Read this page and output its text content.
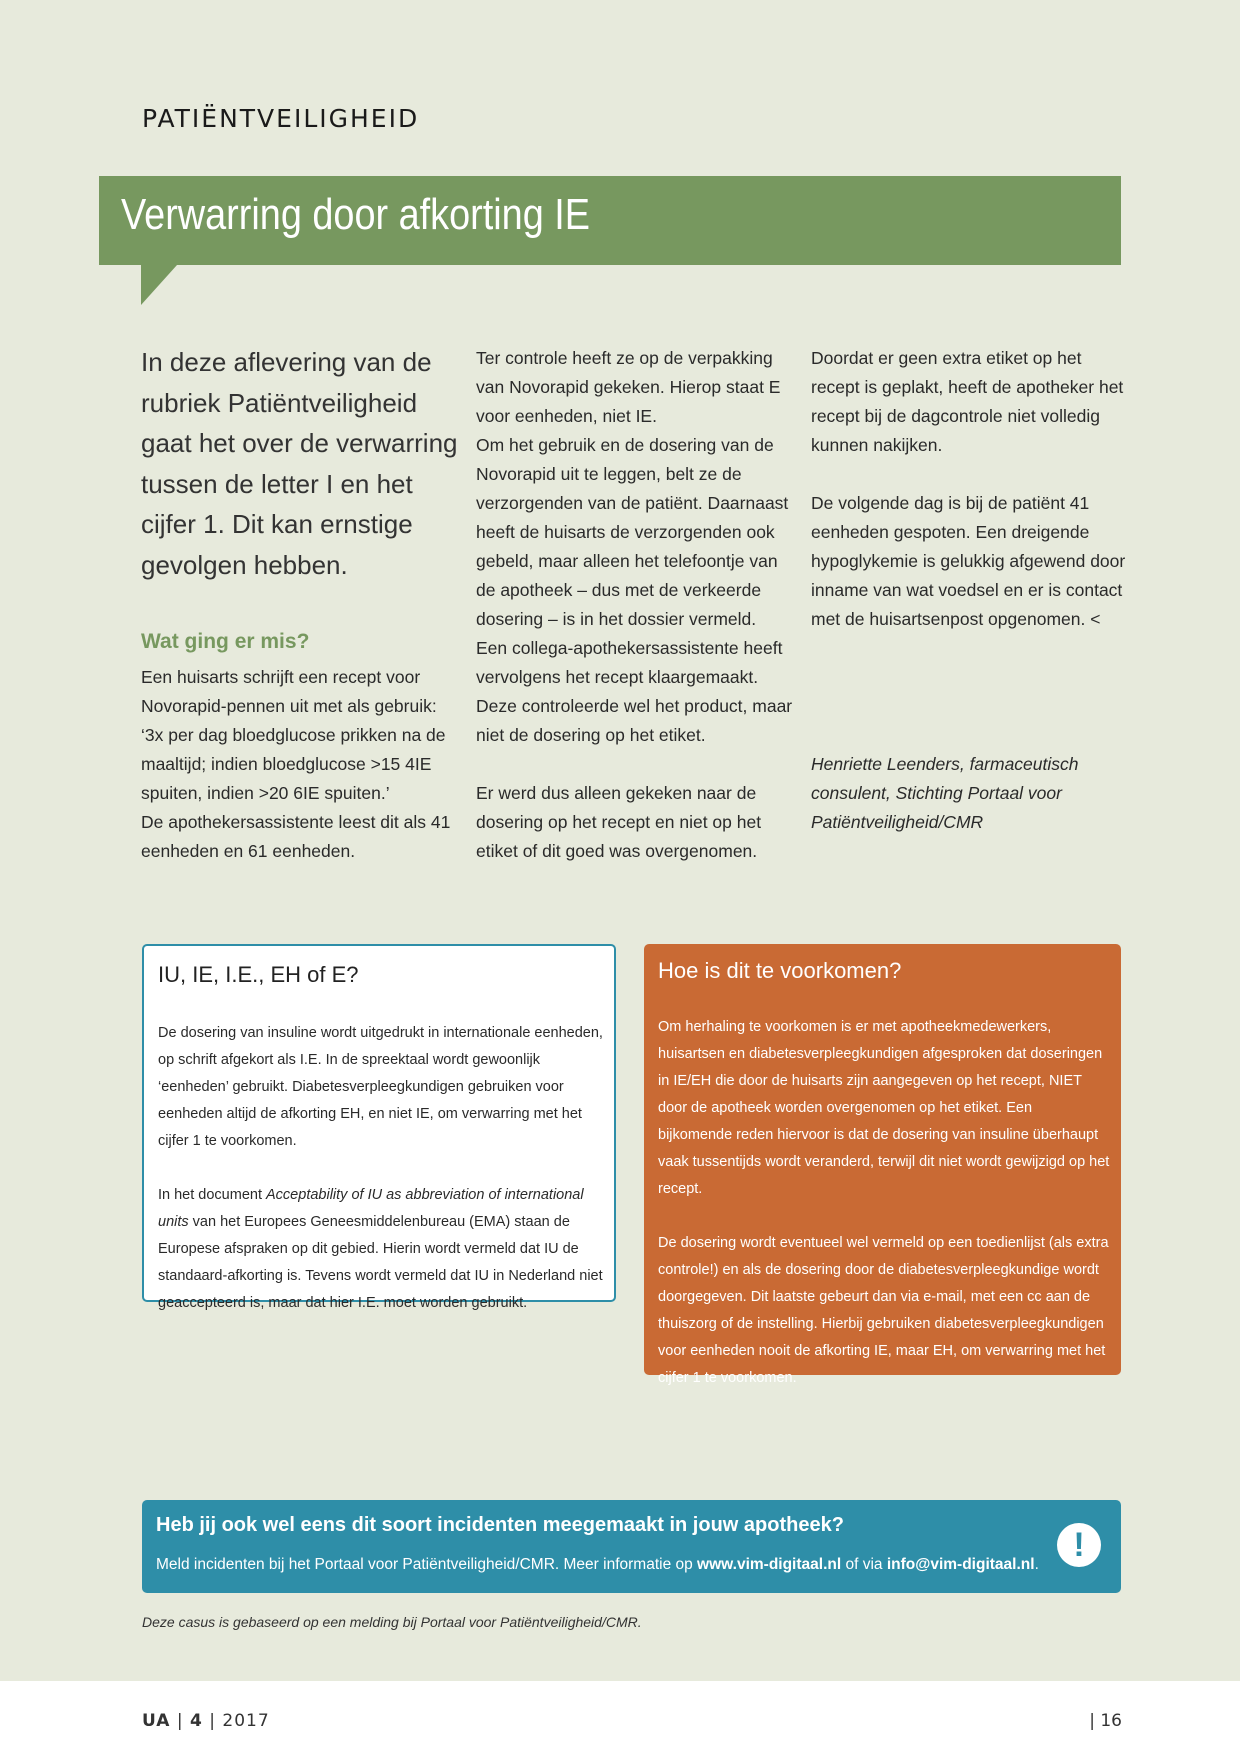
PATIËNTVEILIGHEID
Verwarring door afkorting IE
In deze aflevering van de rubriek Patiëntveiligheid gaat het over de verwarring tussen de letter I en het cijfer 1. Dit kan ernstige gevolgen hebben.
Wat ging er mis?

Een huisarts schrijft een recept voor Novorapid-pennen uit met als gebruik: ‘3x per dag bloedglucose prikken na de maaltijd; indien bloedglucose >15 4IE spuiten, indien >20 6IE spuiten.’

De apothekersassistente leest dit als 41 eenheden en 61 eenheden.

Ter controle heeft ze op de verpakking van Novorapid gekeken. Hierop staat E voor eenheden, niet IE.

Om het gebruik en de dosering van de Novorapid uit te leggen, belt ze de verzorgenden van de patiënt. Daarnaast heeft de huisarts de verzorgenden ook gebeld, maar alleen het telefoontje van de apotheek – dus met de verkeerde dosering – is in het dossier vermeld.

Een collega-apothekersassistente heeft vervolgens het recept klaargemaakt. Deze controleerde wel het product, maar niet de dosering op het etiket.

Er werd dus alleen gekeken naar de dosering op het recept en niet op het etiket of dit goed was overgenomen.

Doordat er geen extra etiket op het recept is geplakt, heeft de apotheker het recept bij de dagcontrole niet volledig kunnen nakijken.

De volgende dag is bij de patiënt 41 eenheden gespoten. Een dreigende hypoglykemie is gelukkig afgewend door inname van wat voedsel en er is contact met de huisartsenpost opgenomen. <

Henriette Leenders, farmaceutisch consulent, Stichting Portaal voor Patiëntveiligheid/CMR

IU, IE, I.E., EH of E?

De dosering van insuline wordt uitgedrukt in internationale eenheden, op schrift afgekort als I.E. In de spreektaal wordt gewoonlijk ‘eenheden’ gebruikt. Diabetesverpleegkundigen gebruiken voor eenheden altijd de afkorting EH, en niet IE, om verwarring met het cijfer 1 te voorkomen.

In het document Acceptability of IU as abbreviation of international units van het Europees Geneesmiddelenbureau (EMA) staan de Europese afspraken op dit gebied. Hierin wordt vermeld dat IU de standaard-afkorting is. Tevens wordt vermeld dat IU in Nederland niet geaccepteerd is, maar dat hier I.E. moet worden gebruikt.

Hoe is dit te voorkomen?

Om herhaling te voorkomen is er met apotheekmedewerkers, huisartsen en diabetesverpleegkundigen afgesproken dat doseringen in IE/EH die door de huisarts zijn aangegeven op het recept, NIET door de apotheek worden overgenomen op het etiket. Een bijkomende reden hiervoor is dat de dosering van insuline überhaupt vaak tussentijds wordt veranderd, terwijl dit niet wordt gewijzigd op het recept.

De dosering wordt eventueel wel vermeld op een toedienlijst (als extra controle!) en als de dosering door de diabetesverpleegkundige wordt doorgegeven. Dit laatste gebeurt dan via e-mail, met een cc aan de thuiszorg of de instelling. Hierbij gebruiken diabetesverpleegkundigen voor eenheden nooit de afkorting IE, maar EH, om verwarring met het cijfer 1 te voorkomen.

Heb jij ook wel eens dit soort incidenten meegemaakt in jouw apotheek?
Meld incidenten bij het Portaal voor Patiëntveiligheid/CMR. Meer informatie op www.vim-digitaal.nl of via info@vim-digitaal.nl.
!
Deze casus is gebaseerd op een melding bij Portaal voor Patiëntveiligheid/CMR.
UA | 4 | 2017	| 16
